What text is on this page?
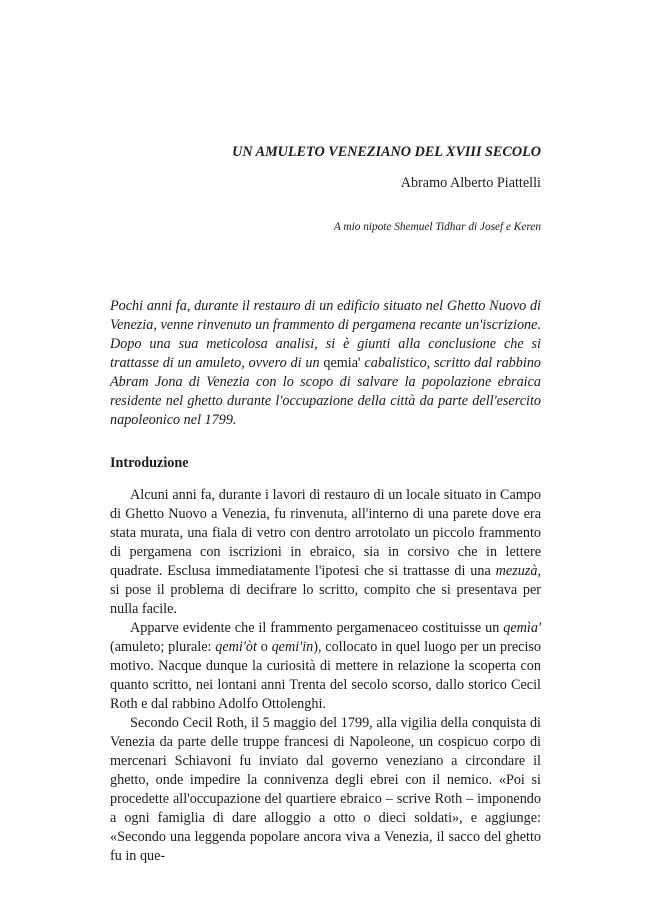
UN AMULETO VENEZIANO DEL XVIII SECOLO
Abramo Alberto Piattelli
A mio nipote Shemuel Tidhar di Josef e Keren

Pochi anni fa, durante il restauro di un edificio situato nel Ghetto Nuovo di Venezia, venne rinvenuto un frammento di pergamena recante un'iscrizione. Dopo una sua meticolosa analisi, si è giunti alla conclusione che si trattasse di un amuleto, ovvero di un qemia' cabalistico, scritto dal rabbino Abram Jona di Venezia con lo scopo di salvare la popolazione ebraica residente nel ghetto durante l'occupazione della città da parte dell'esercito napoleonico nel 1799.

Introduzione

Alcuni anni fa, durante i lavori di restauro di un locale situato in Campo di Ghetto Nuovo a Venezia, fu rinvenuta, all'interno di una parete dove era stata murata, una fiala di vetro con dentro arrotolato un piccolo frammento di pergamena con iscrizioni in ebraico, sia in corsivo che in lettere quadrate. Esclusa immediatamente l'ipotesi che si trattasse di una mezuzà, si pose il problema di decifrare lo scritto, compito che si presentava per nulla facile.

Apparve evidente che il frammento pergamenaceo costituisse un qemìa' (amuleto; plurale: qemi'òt o qemi'in), collocato in quel luogo per un preciso motivo. Nacque dunque la curiosità di mettere in relazione la scoperta con quanto scritto, nei lontani anni Trenta del secolo scorso, dallo storico Cecil Roth e dal rabbino Adolfo Ottolenghi.

Secondo Cecil Roth, il 5 maggio del 1799, alla vigilia della conquista di Venezia da parte delle truppe francesi di Napoleone, un cospicuo corpo di mercenari Schiavoni fu inviato dal governo veneziano a circondare il ghetto, onde impedire la connivenza degli ebrei con il nemico. «Poi si procedette all'occupazione del quartiere ebraico – scrive Roth – imponendo a ogni famiglia di dare alloggio a otto o dieci soldati», e aggiunge: «Secondo una leggenda popolare ancora viva a Venezia, il sacco del ghetto fu in que-
